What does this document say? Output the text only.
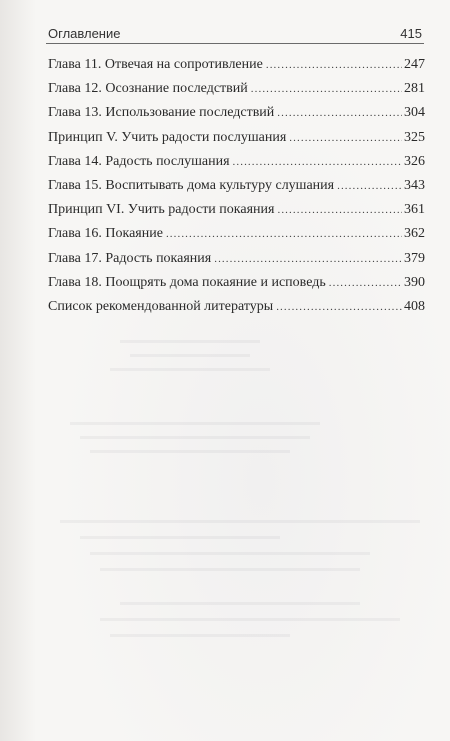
Оглавление	415
Глава 11. Отвечая на сопротивление .....	247
Глава 12. Осознание последствий .....	281
Глава 13. Использование последствий .....	304
Принцип V. Учить радости послушания .....	325
Глава 14. Радость послушания .....	326
Глава 15. Воспитывать дома культуру слушания .....	343
Принцип VI. Учить радости покаяния .....	361
Глава 16. Покаяние .....	362
Глава 17. Радость покаяния .....	379
Глава 18. Поощрять дома покаяние и исповедь .....	390
Список рекомендованной литературы .....	408
